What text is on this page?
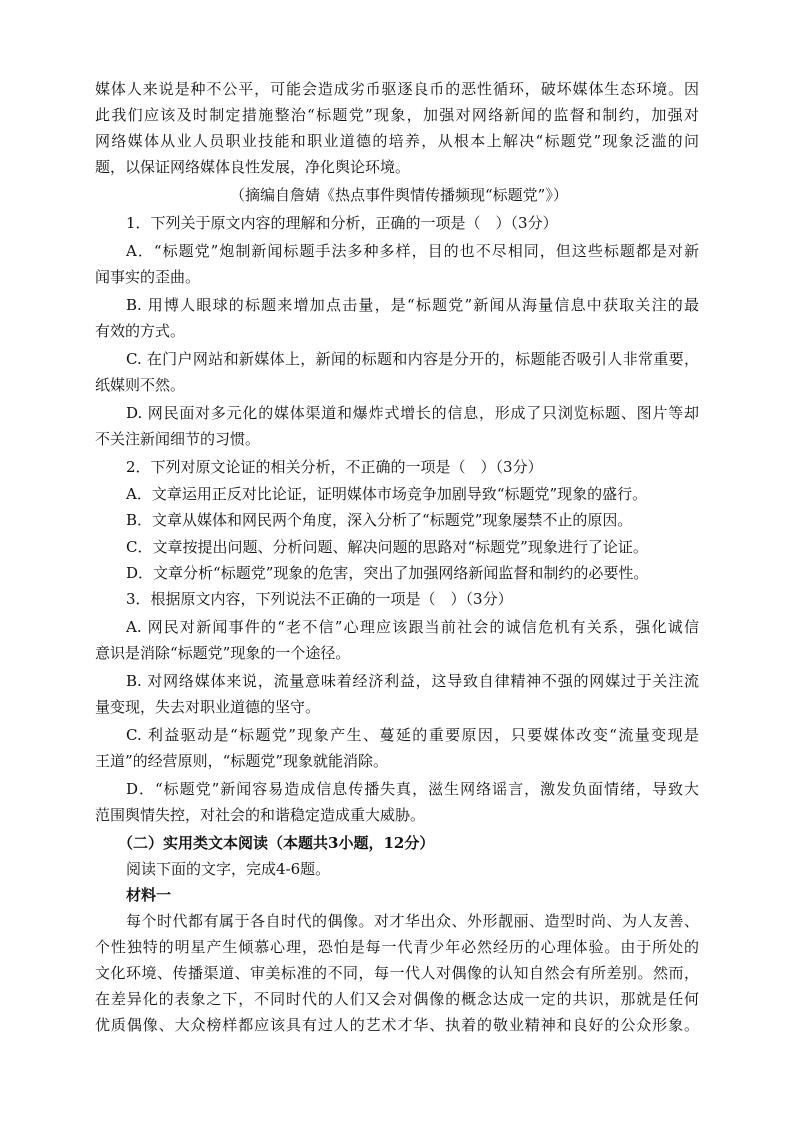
媒体人来说是种不公平，可能会造成劣币驱逐良币的恶性循环，破坏媒体生态环境。因
此我们应该及时制定措施整治“标题党”现象，加强对网络新闻的监督和制约，加强对
网络媒体从业人员职业技能和职业道德的培养，从根本上解决“标题党”现象泛滥的问
题，以保证网络媒体良性发展，净化舆论环境。
（摘编自詹婧《热点事件舆情传播频现“标题党”》）
1．下列关于原文内容的理解和分析，正确的一项是（　）（3分）
A．“标题党”炮制新闻标题手法多种多样，目的也不尽相同，但这些标题都是对新
闻事实的歪曲。
B. 用博人眼球的标题来增加点击量，是“标题党”新闻从海量信息中获取关注的最
有效的方式。
C. 在门户网站和新媒体上，新闻的标题和内容是分开的，标题能否吸引人非常重要，
纸媒则不然。
D. 网民面对多元化的媒体渠道和爆炸式增长的信息，形成了只浏览标题、图片等却
不关注新闻细节的习惯。
2．下列对原文论证的相关分析，不正确的一项是（　）（3分）
A．文章运用正反对比论证，证明媒体市场竞争加剧导致“标题党”现象的盛行。
B．文章从媒体和网民两个角度，深入分析了“标题党”现象屡禁不止的原因。
C．文章按提出问题、分析问题、解决问题的思路对“标题党”现象进行了论证。
D．文章分析“标题党”现象的危害，突出了加强网络新闻监督和制约的必要性。
3．根据原文内容，下列说法不正确的一项是（　）（3分）
A. 网民对新闻事件的“老不信”心理应该跟当前社会的诚信危机有关系，强化诚信
意识是消除“标题党”现象的一个途径。
B. 对网络媒体来说，流量意味着经济利益，这导致自律精神不强的网媒过于关注流
量变现，失去对职业道德的坚守。
C. 利益驱动是“标题党”现象产生、蔓延的重要原因，只要媒体改变“流量变现是
王道”的经营原则，“标题党”现象就能消除。
D．“标题党”新闻容易造成信息传播失真，滋生网络谣言，激发负面情绪，导致大
范围舆情失控，对社会的和谐稳定造成重大威胁。
（二）实用类文本阅读（本题共3小题，12分）
阅读下面的文字，完成4-6题。
材料一
每个时代都有属于各自时代的偶像。对才华出众、外形靓丽、造型时尚、为人友善、
个性独特的明星产生倾慕心理，恐怕是每一代青少年必然经历的心理体验。由于所处的
文化环境、传播渠道、审美标准的不同，每一代人对偶像的认知自然会有所差别。然而，
在差异化的表象之下，不同时代的人们又会对偶像的概念达成一定的共识，那就是任何
优质偶像、大众榜样都应该具有过人的艺术才华、执着的敬业精神和良好的公众形象。
